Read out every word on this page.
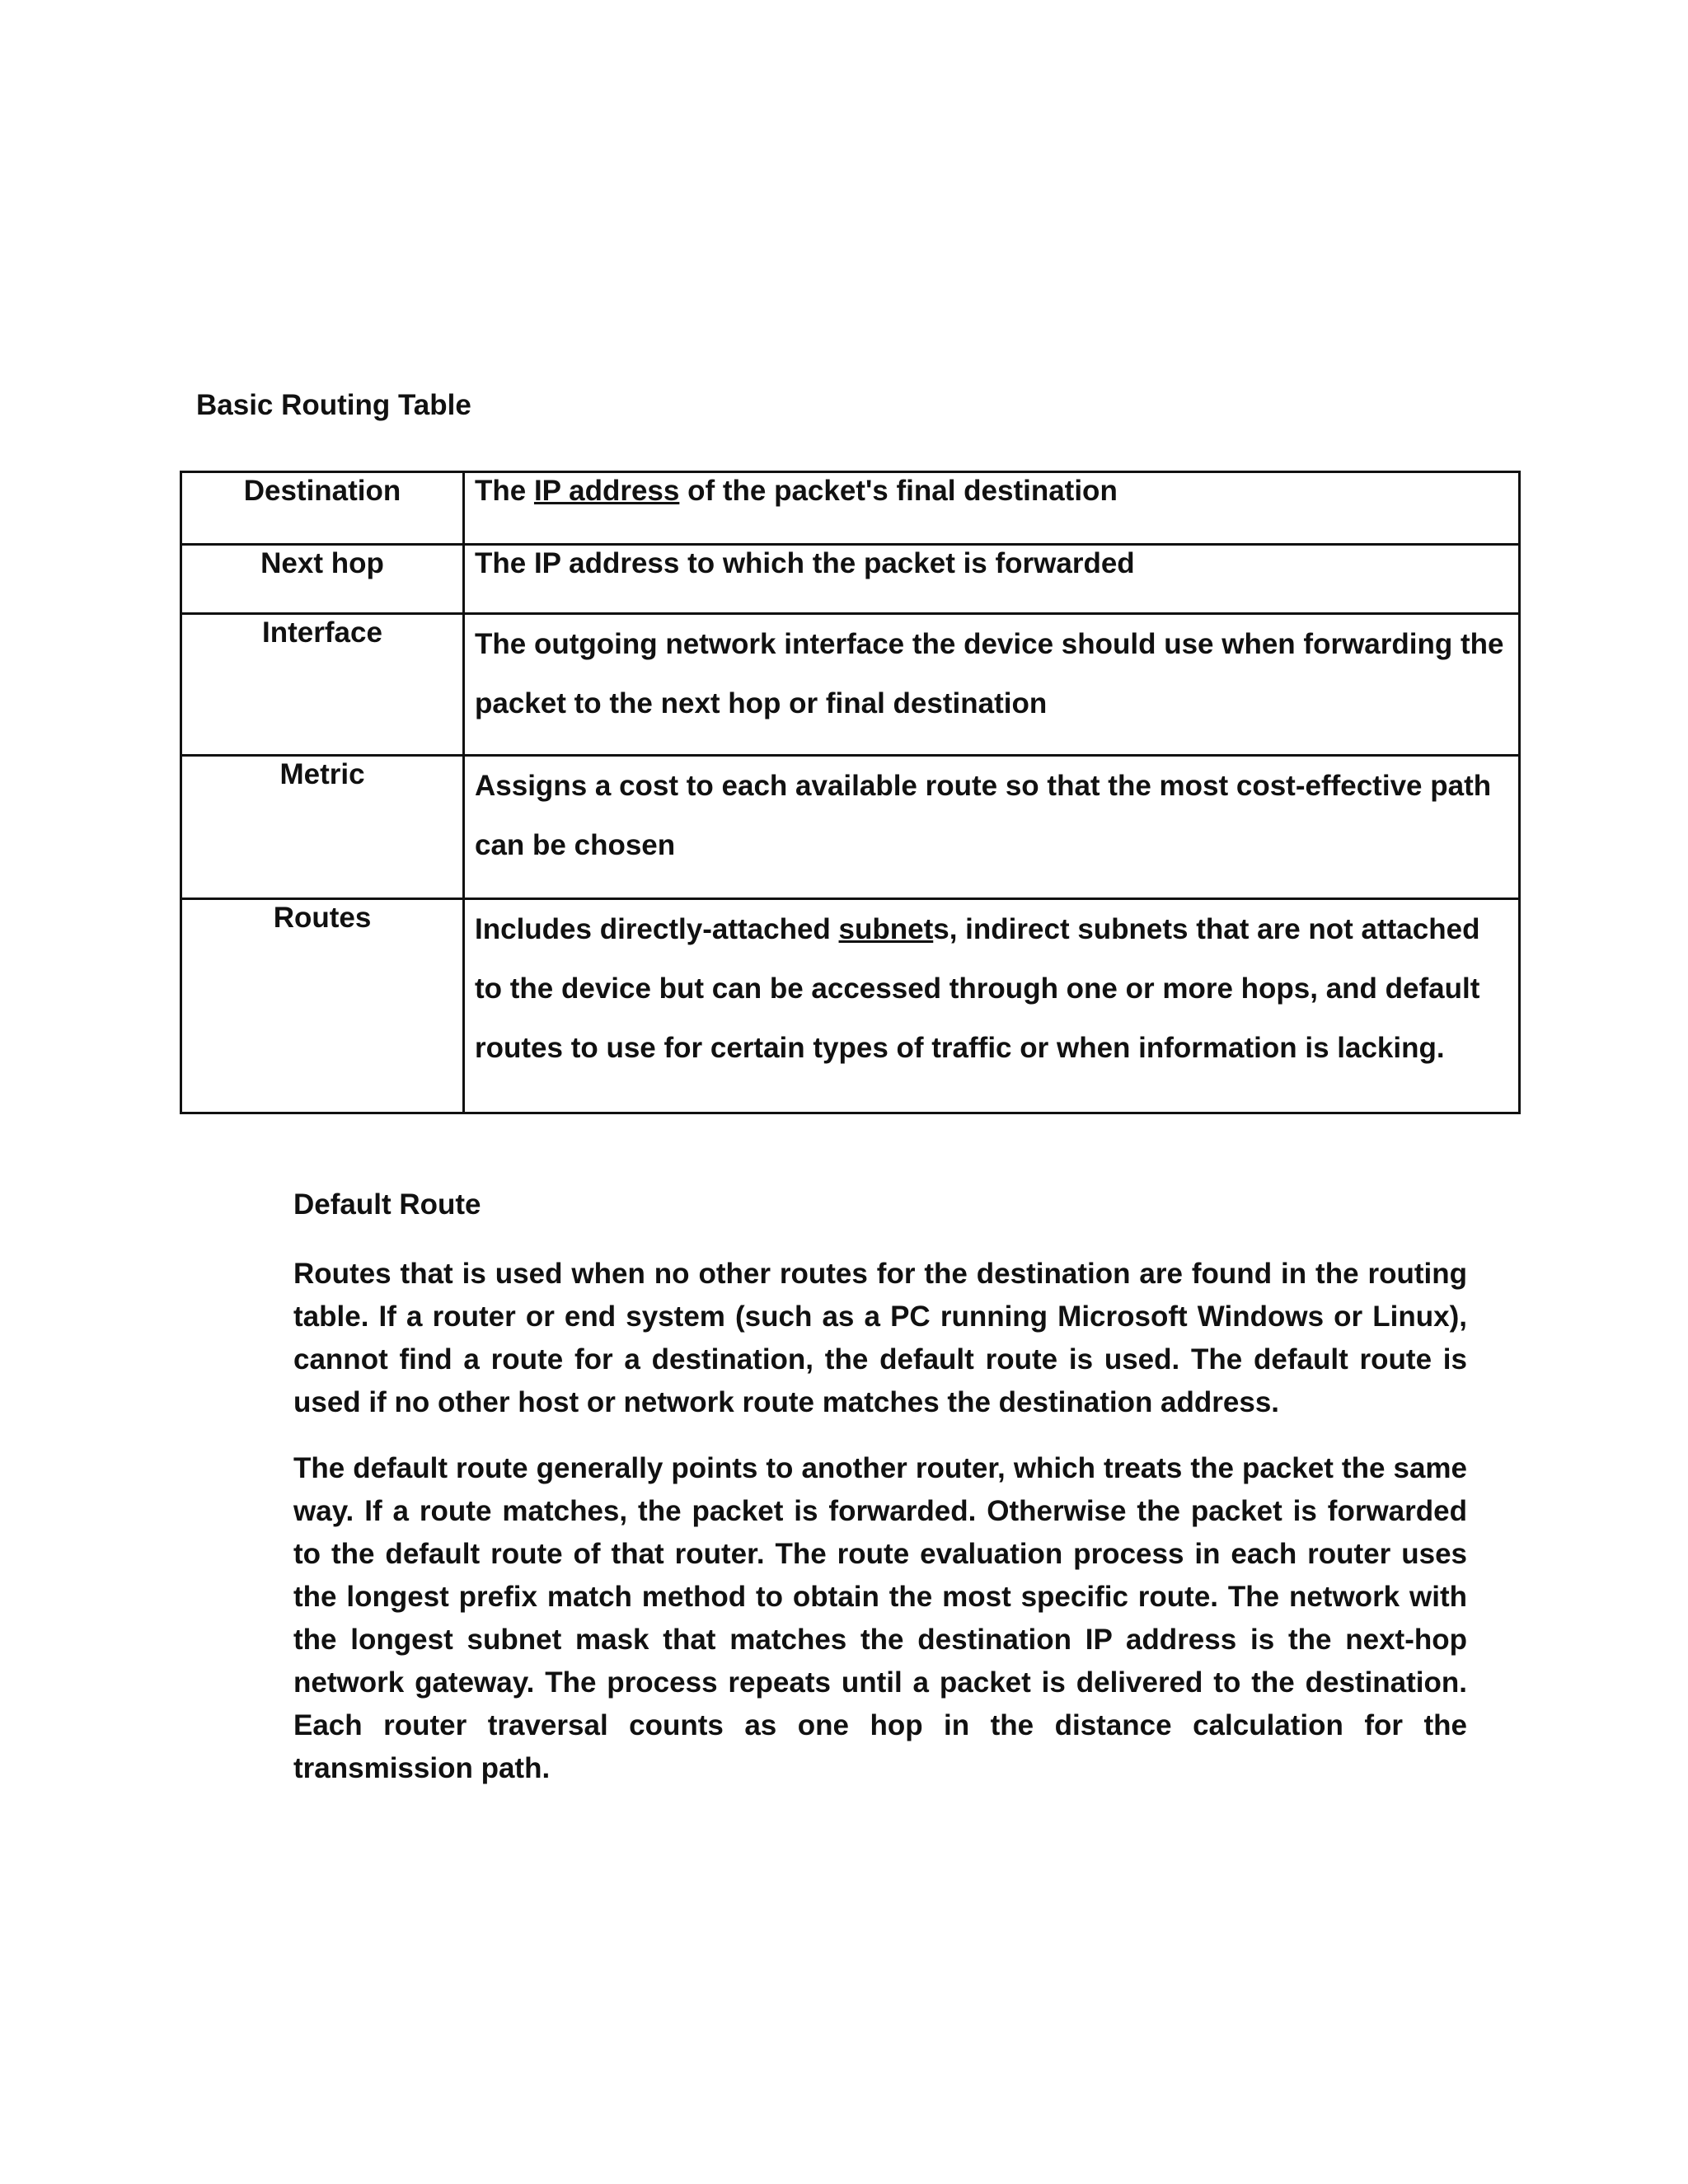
Basic Routing Table
Destination	The IP address of the packet's final destination

Next hop	The IP address to which the packet is forwarded

Interface	The outgoing network interface the device should use when forwarding the
packet to the next hop or final destination

Metric	Assigns a cost to each available route so that the most cost-effective path
can be chosen

Routes	Includes directly-attached subnets, indirect subnets that are not attached
to the device but can be accessed through one or more hops, and default
routes to use for certain types of traffic or when information is lacking.
Default Route
Routes that is used when no other routes for the destination are found in the routing
table. If a router or end system (such as a PC running Microsoft Windows or Linux),
cannot find a route for a destination, the default route is used. The default route is
used if no other host or network route matches the destination address.
The default route generally points to another router, which treats the packet the same
way. If a route matches, the packet is forwarded. Otherwise the packet is forwarded
to the default route of that router. The route evaluation process in each router uses
the longest prefix match method to obtain the most specific route. The network with
the longest subnet mask that matches the destination IP address is the next-hop
network gateway. The process repeats until a packet is delivered to the destination.
Each router traversal counts as one hop in the distance calculation for the
transmission path.
